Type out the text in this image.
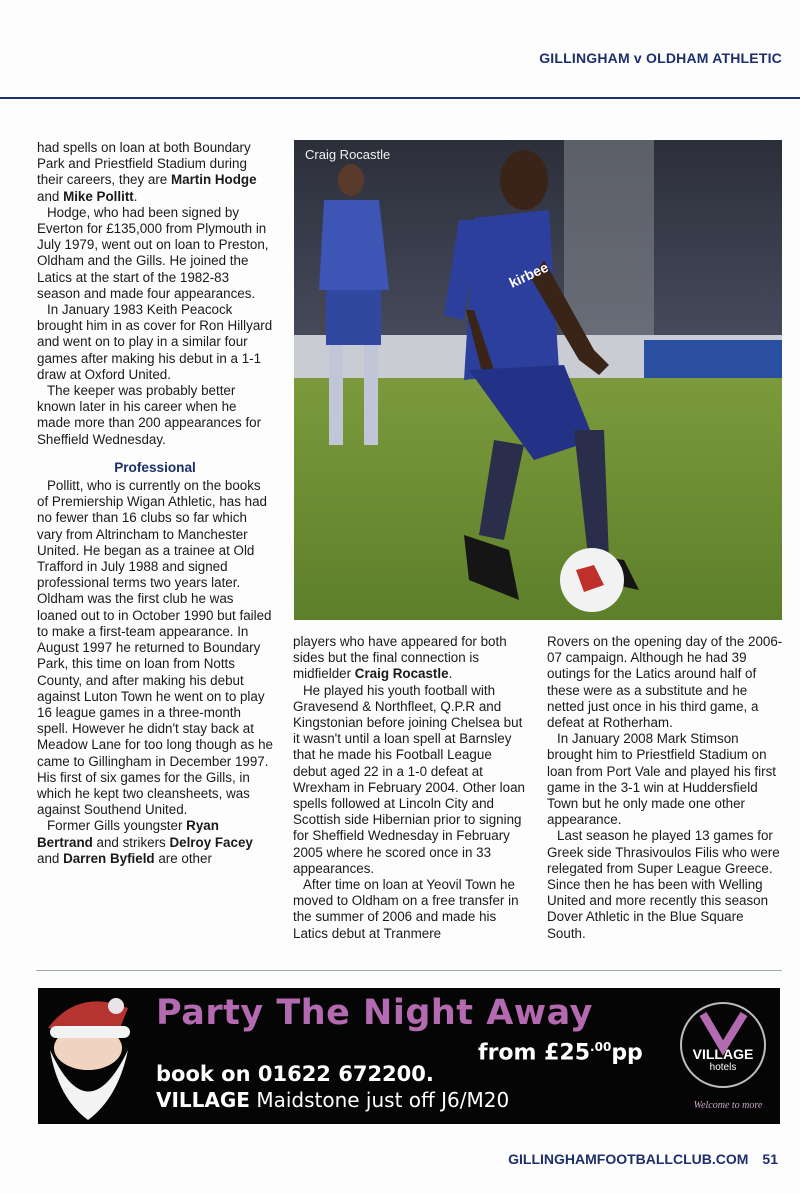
GILLINGHAM v OLDHAM ATHLETIC

had spells on loan at both Boundary Park and Priestfield Stadium during their careers, they are Martin Hodge and Mike Pollitt.

Hodge, who had been signed by Everton for £135,000 from Plymouth in July 1979, went out on loan to Preston, Oldham and the Gills. He joined the Latics at the start of the 1982-83 season and made four appearances.

In January 1983 Keith Peacock brought him in as cover for Ron Hillyard and went on to play in a similar four games after making his debut in a 1-1 draw at Oxford United.

The keeper was probably better known later in his career when he made more than 200 appearances for Sheffield Wednesday.

Professional

Pollitt, who is currently on the books of Premiership Wigan Athletic, has had no fewer than 16 clubs so far which vary from Altrincham to Manchester United. He began as a trainee at Old Trafford in July 1988 and signed professional terms two years later. Oldham was the first club he was loaned out to in October 1990 but failed to make a first-team appearance. In August 1997 he returned to Boundary Park, this time on loan from Notts County, and after making his debut against Luton Town he went on to play 16 league games in a three-month spell. However he didn't stay back at Meadow Lane for too long though as he came to Gillingham in December 1997. His first of six games for the Gills, in which he kept two cleansheets, was against Southend United.

Former Gills youngster Ryan Bertrand and strikers Delroy Facey and Darren Byfield are other

kirbee
Craig Rocastle

players who have appeared for both sides but the final connection is midfielder Craig Rocastle.

He played his youth football with Gravesend & Northfleet, Q.P.R and Kingstonian before joining Chelsea but it wasn't until a loan spell at Barnsley that he made his Football League debut aged 22 in a 1-0 defeat at Wrexham in February 2004. Other loan spells followed at Lincoln City and Scottish side Hibernian prior to signing for Sheffield Wednesday in February 2005 where he scored once in 33 appearances.

After time on loan at Yeovil Town he moved to Oldham on a free transfer in the summer of 2006 and made his Latics debut at Tranmere

Rovers on the opening day of the 2006-07 campaign. Although he had 39 outings for the Latics around half of these were as a substitute and he netted just once in his third game, a defeat at Rotherham.

In January 2008 Mark Stimson brought him to Priestfield Stadium on loan from Port Vale and played his first game in the 3-1 win at Huddersfield Town but he only made one other appearance.

Last season he played 13 games for Greek side Thrasivoulos Filis who were relegated from Super League Greece. Since then he has been with Welling United and more recently this season Dover Athletic in the Blue Square South.

Party The Night Away
from $£25^{.00}pp$
book on 01622 672200.
VILLAGE Maidstone just off J6/M20
VILLAGE
hotels
Welcome to more
GILLINGHAMFOOTBALLCLUB.COM 51
